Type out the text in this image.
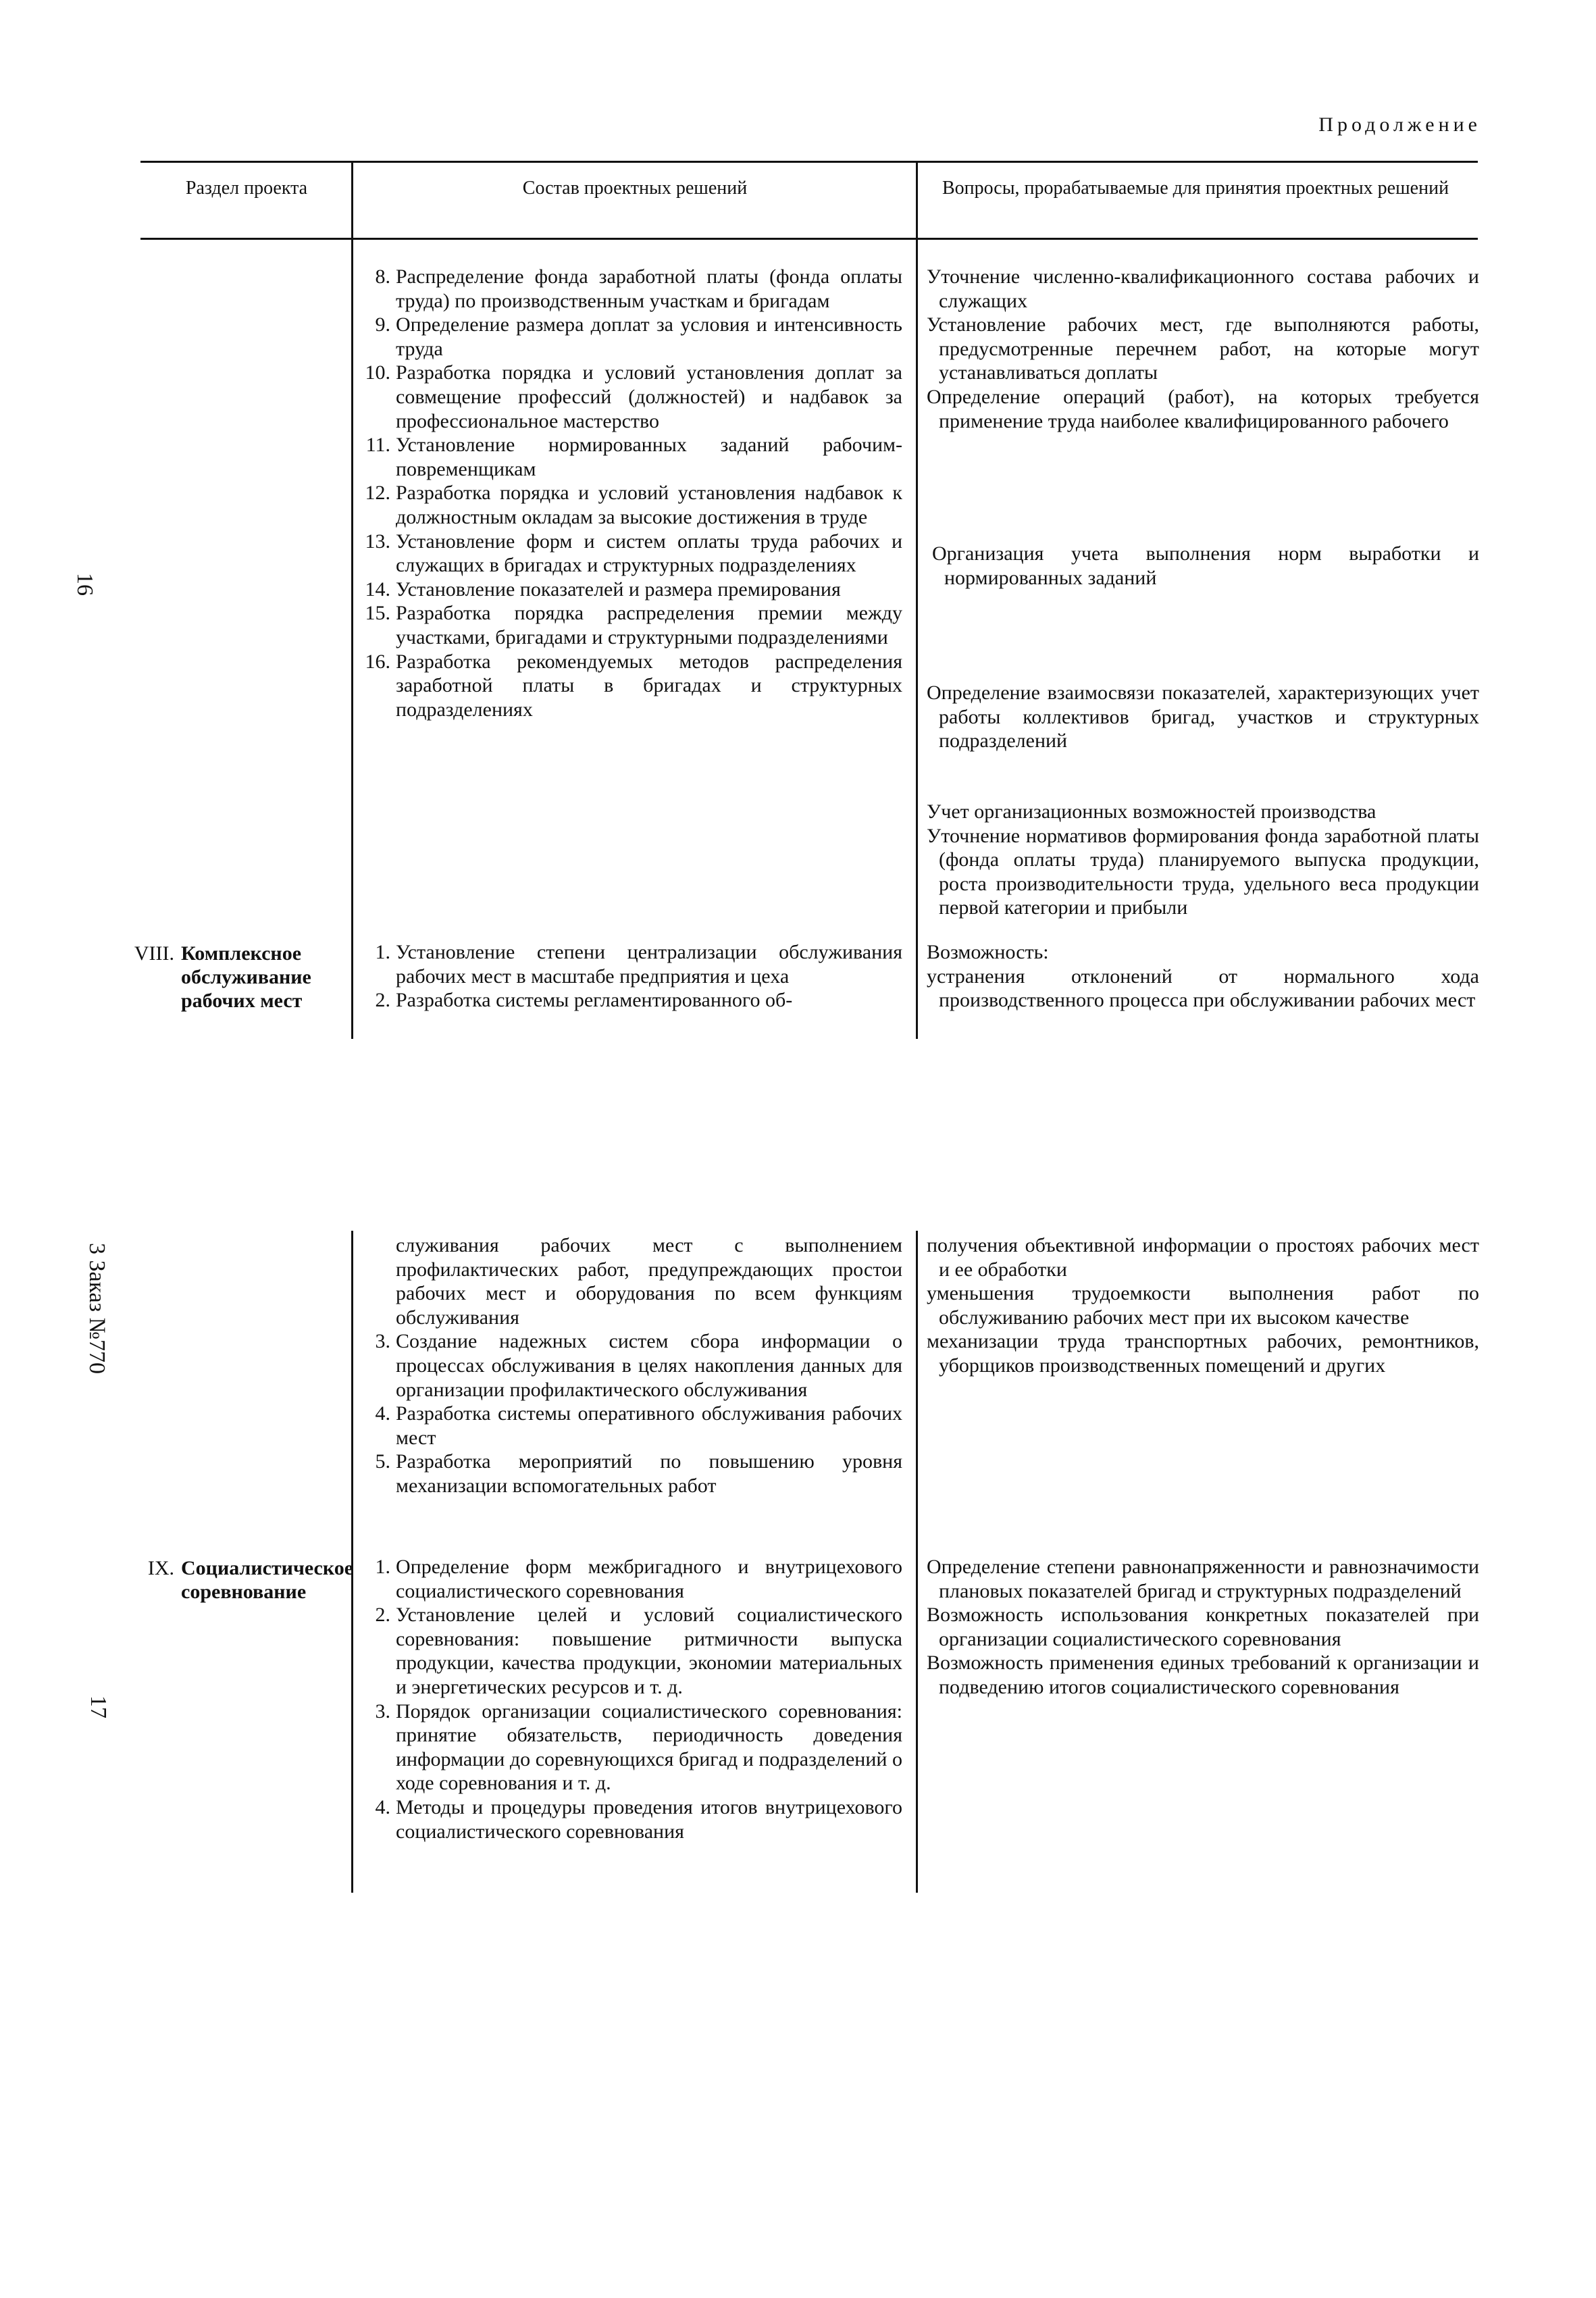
Продолжение
16
3 Заказ №770
17
Раздел проекта	Состав проектных решений	Вопросы, прорабатываемые для принятия проектных решений
8. Распределение фонда заработной платы (фонда оплаты труда) по производственным участкам и бригадам
9. Определение размера доплат за условия и интенсивность труда
10. Разработка порядка и условий установления доплат за совмещение профессий (должностей) и надбавок за профессиональное мастерство
11. Установление нормированных заданий рабочим-повременщикам
12. Разработка порядка и условий установления надбавок к должностным окладам за высокие достижения в труде
13. Установление форм и систем оплаты труда рабочих и служащих в бригадах и структурных подразделениях
14. Установление показателей и размера премирования
15. Разработка порядка распределения премии между участками, бригадами и структурными подразделениями
16. Разработка рекомендуемых методов распределения заработной платы в бригадах и структурных подразделениях
Уточнение численно-квалификационного состава рабочих и служащих
Установление рабочих мест, где выполняются работы, предусмотренные перечнем работ, на которые могут устанавливаться доплаты
Определение операций (работ), на которых требуется применение труда наиболее квалифицированного рабочего
Организация учета выполнения норм выработки и нормированных заданий
Определение взаимосвязи показателей, характеризующих учет работы коллективов бригад, участков и структурных подразделений
Учет организационных возможностей производства
Уточнение нормативов формирования фонда заработной платы (фонда оплаты труда) планируемого выпуска продукции, роста производительности труда, удельного веса продукции первой категории и прибыли
VIII. Комплексное обслуживание рабочих мест
1. Установление степени централизации обслуживания рабочих мест в масштабе предприятия и цеха
2. Разработка системы регламентированного об-
Возможность:
устранения отклонений от нормального хода производственного процесса при обслуживании рабочих мест
служивания рабочих мест с выполнением профилактических работ, предупреждающих простои рабочих мест и оборудования по всем функциям обслуживания
3. Создание надежных систем сбора информации о процессах обслуживания в целях накопления данных для организации профилактического обслуживания
4. Разработка системы оперативного обслуживания рабочих мест
5. Разработка мероприятий по повышению уровня механизации вспомогательных работ
получения объективной информации о простоях рабочих мест и ее обработки
уменьшения трудоемкости выполнения работ по обслуживанию рабочих мест при их высоком качестве
механизации труда транспортных рабочих, ремонтников, уборщиков производственных помещений и других
IX. Социалистическое соревнование
1. Определение форм межбригадного и внутрицехового социалистического соревнования
2. Установление целей и условий социалистического соревнования: повышение ритмичности выпуска продукции, качества продукции, экономии материальных и энергетических ресурсов и т. д.
3. Порядок организации социалистического соревнования: принятие обязательств, периодичность доведения информации до соревнующихся бригад и подразделений о ходе соревнования и т. д.
4. Методы и процедуры проведения итогов внутрицехового социалистического соревнования
Определение степени равнонапряженности и равнозначимости плановых показателей бригад и структурных подразделений
Возможность использования конкретных показателей при организации социалистического соревнования
Возможность применения единых требований к организации и подведению итогов социалистического соревнования
